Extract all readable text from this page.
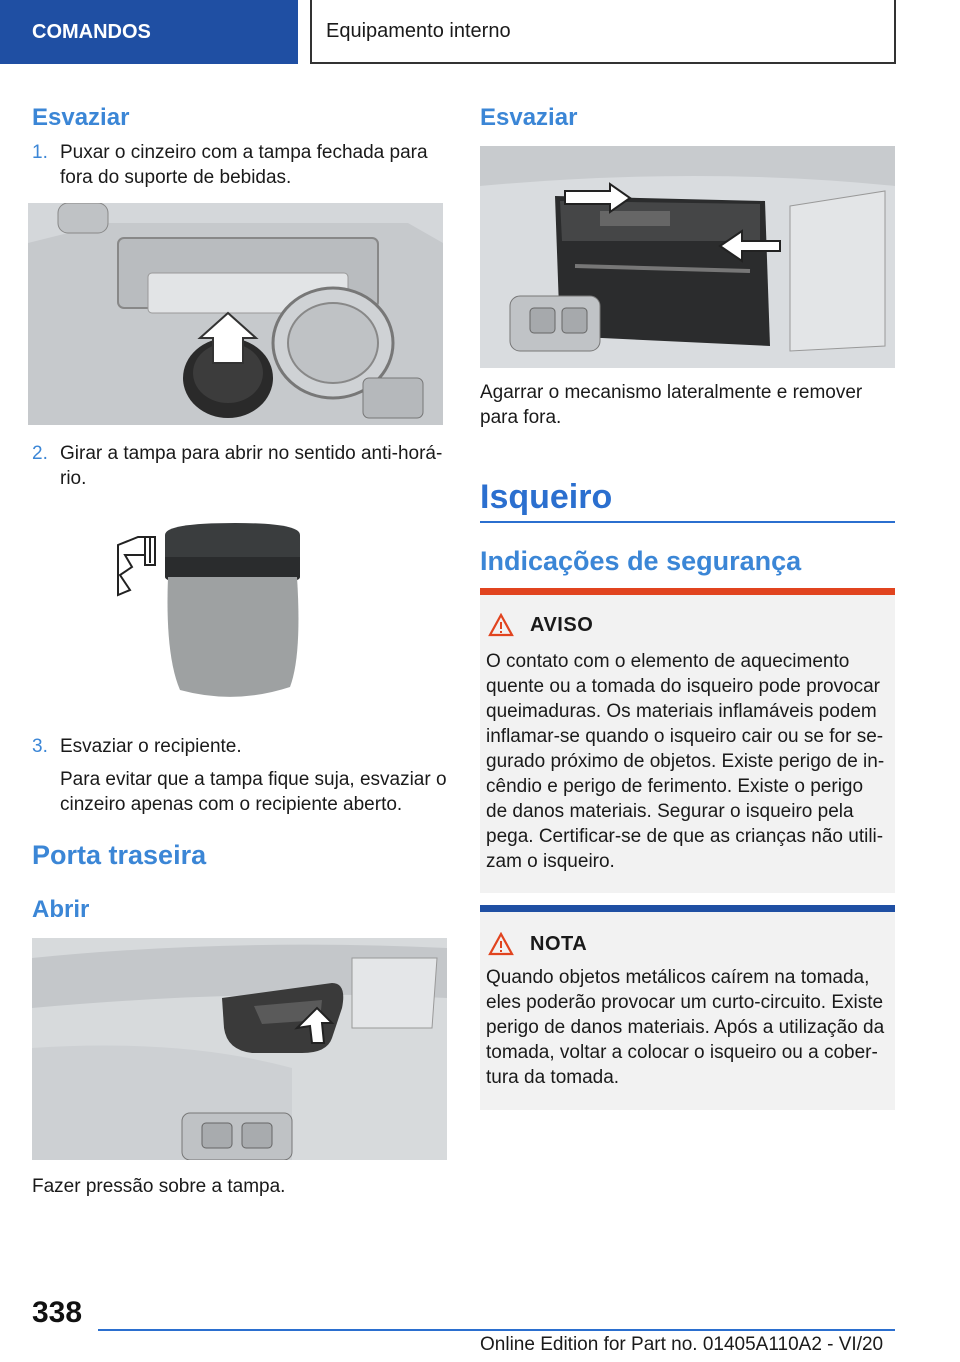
COMANDOS	Equipamento interno
Esvaziar
1. Puxar o cinzeiro com a tampa fechada para
fora do suporte de bebidas.
2. Girar a tampa para abrir no sentido anti-horá-
rio.
3. Esvaziar o recipiente.
Para evitar que a tampa fique suja, esvaziar o
cinzeiro apenas com o recipiente aberto.
Porta traseira
Abrir
Fazer pressão sobre a tampa.
Esvaziar
Agarrar o mecanismo lateralmente e remover
para fora.
Isqueiro
Indicações de segurança
AVISO
O contato com o elemento de aquecimento
quente ou a tomada do isqueiro pode provocar
queimaduras. Os materiais inflamáveis podem
inflamar-se quando o isqueiro cair ou se for se-
gurado próximo de objetos. Existe perigo de in-
cêndio e perigo de ferimento. Existe o perigo
de danos materiais. Segurar o isqueiro pela
pega. Certificar-se de que as crianças não utili-
zam o isqueiro.
NOTA
Quando objetos metálicos caírem na tomada,
eles poderão provocar um curto-circuito. Existe
perigo de danos materiais. Após a utilização da
tomada, voltar a colocar o isqueiro ou a cober-
tura da tomada.
338
Online Edition for Part no. 01405A110A2 - VI/20
